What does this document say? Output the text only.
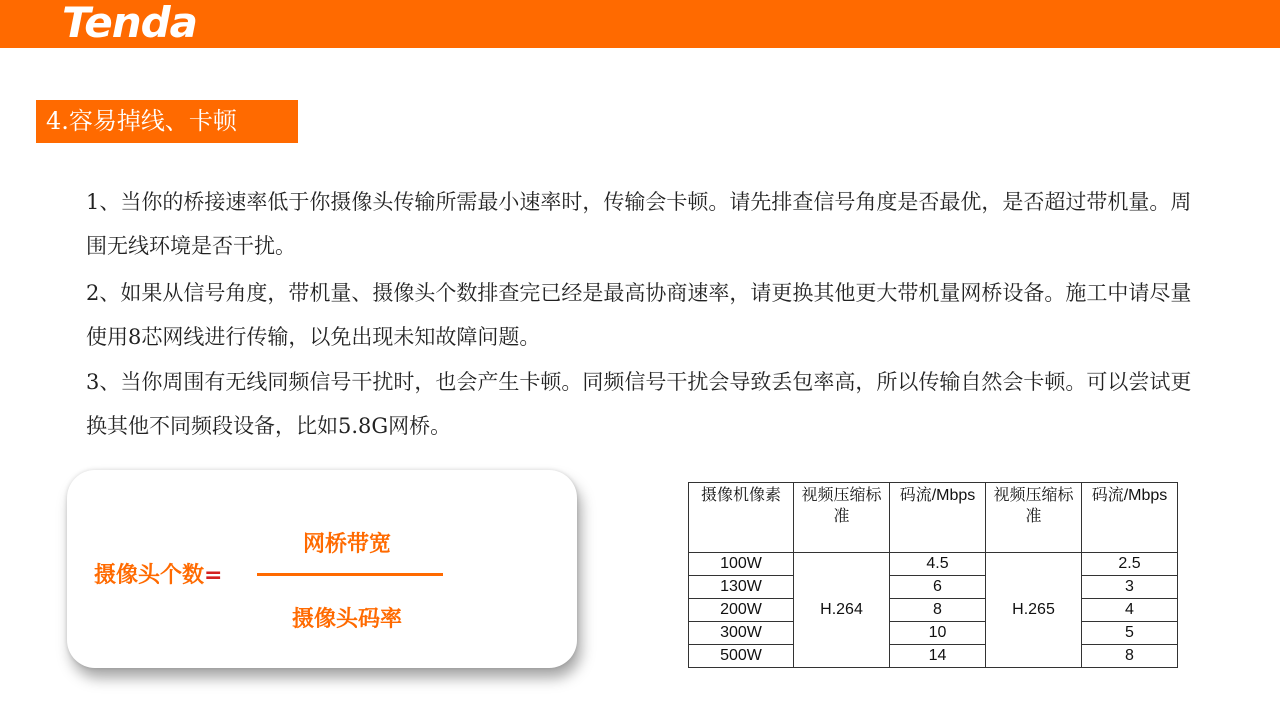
Tenda
4.容易掉线、卡顿

1、当你的桥接速率低于你摄像头传输所需最小速率时，传输会卡顿。请先排查信号角度是否最优，是否超过带机量。周围无线环境是否干扰。

2、如果从信号角度，带机量、摄像头个数排查完已经是最高协商速率，请更换其他更大带机量网桥设备。施工中请尽量使用8芯网线进行传输，以免出现未知故障问题。

3、当你周围有无线同频信号干扰时，也会产生卡顿。同频信号干扰会导致丢包率高，所以传输自然会卡顿。可以尝试更换其他不同频段设备，比如5.8G网桥。

摄像头个数=
网桥带宽
摄像头码率
摄像机像素	视频压缩标准	码流/Mbps	视频压缩标准	码流/Mbps
100W	H.264	4.5	H.265	2.5
130W		6		3
200W		8		4
300W		10		5
500W		14		8
